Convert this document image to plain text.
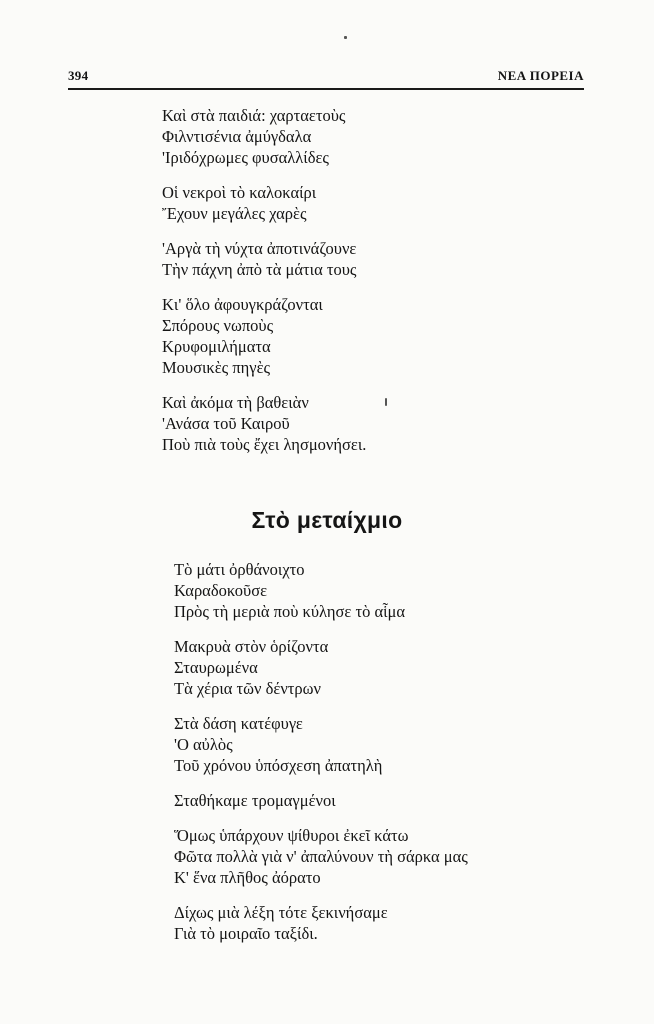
394	ΝΕΑ ΠΟΡΕΙΑ
Καὶ στὰ παιδιά: χαρταετοὺς
Φιλντισένια ἀμύγδαλα
'Ιριδόχρωμες φυσαλλίδες
Οἱ νεκροὶ τὸ καλοκαίρι
Ἔχουν μεγάλες χαρὲς
'Αργὰ τὴ νύχτα ἀποτινάζουνε
Τὴν πάχνη ἀπὸ τὰ μάτια τους
Κι' ὅλο ἀφουγκράζονται
Σπόρους νωποὺς
Κρυφομιλήματα
Μουσικὲς πηγὲς
Καὶ ἀκόμα τὴ βαθειὰν
'Ανάσα τοῦ Καιροῦ
Ποὺ πιὰ τοὺς ἔχει λησμονήσει.
Στὸ μεταίχμιο
Τὸ μάτι ὀρθάνοιχτο
Καραδοκοῦσε
Πρὸς τὴ μεριὰ ποὺ κύλησε τὸ αἷμα
Μακρυὰ στὸν ὁρίζοντα
Σταυρωμένα
Τὰ χέρια τῶν δέντρων
Στὰ δάση κατέφυγε
'Ο αὐλὸς
Τοῦ χρόνου ὑπόσχεση ἀπατηλὴ
Σταθήκαμε τρομαγμένοι
Ὅμως ὑπάρχουν ψίθυροι ἐκεῖ κάτω
Φῶτα πολλὰ γιὰ ν' ἀπαλύνουν τὴ σάρκα μας
Κ' ἕνα πλῆθος ἀόρατο
Δίχως μιὰ λέξη τότε ξεκινήσαμε
Γιὰ τὸ μοιραῖο ταξίδι.
